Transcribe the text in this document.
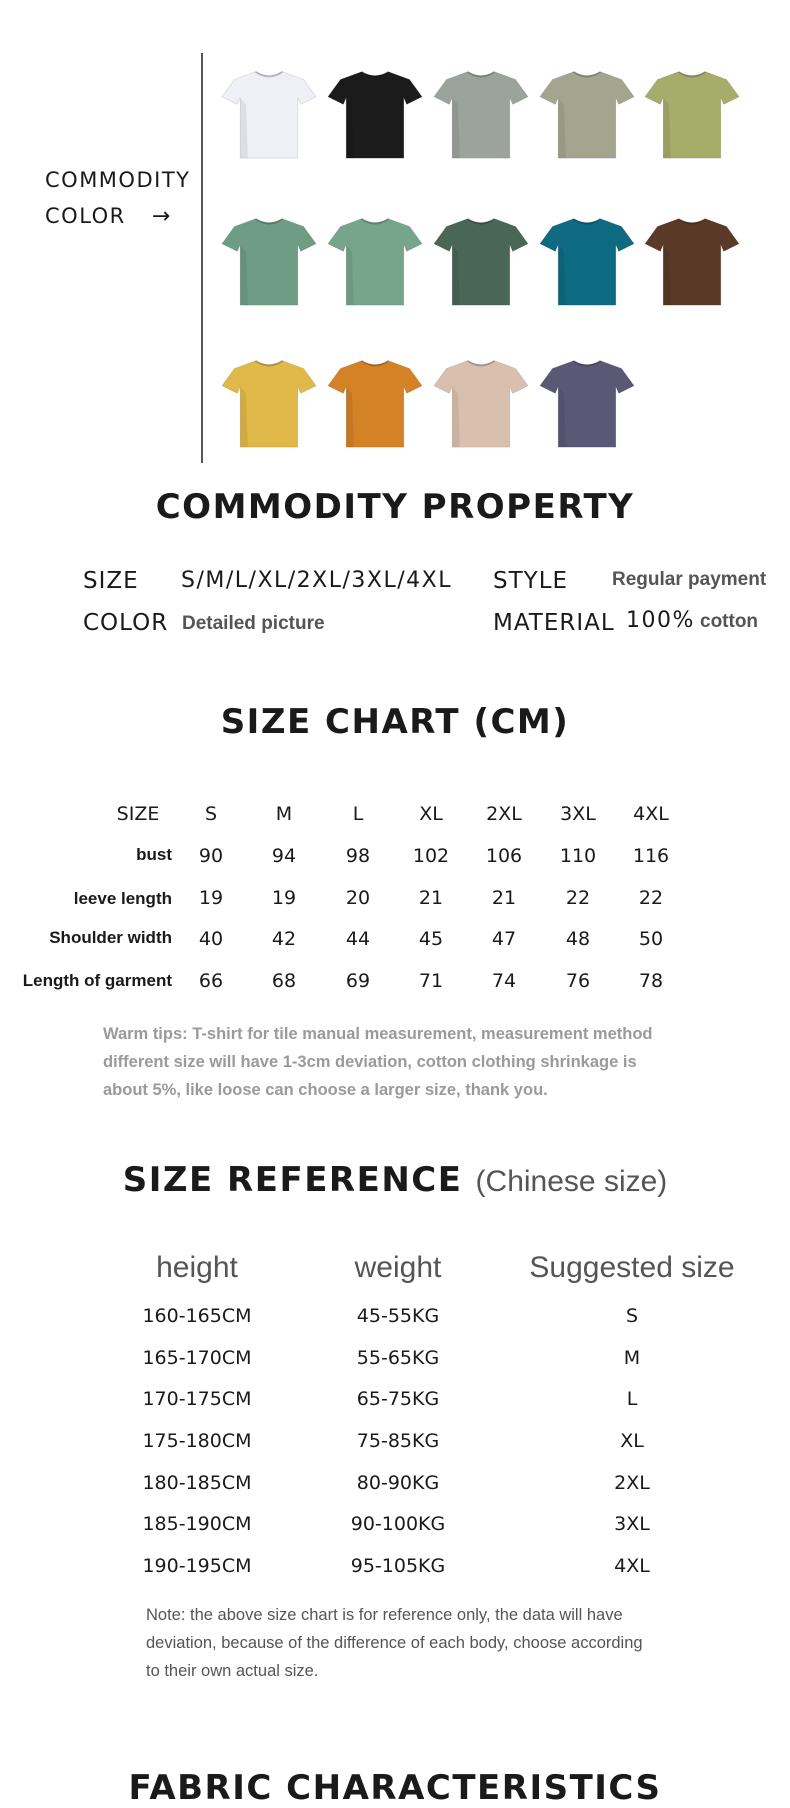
COMMODITY
COLOR →
COMMODITY PROPERTY
SIZE S/M/L/XL/2XL/3XL/4XL STYLE Regular payment
COLOR Detailed picture	MATERIAL 100% cotton
SIZE CHART (CM)
SIZE	S	M	L	XL	2XL	3XL	4XL
bust	90	94	98	102	106	110	116
leeve length	19	19	20	21	21	22	22
Shoulder width	40	42	44	45	47	48	50
Length of garment	66	68	69	71	74	76	78
Warm tips: T-shirt for tile manual measurement, measurement method
different size will have 1-3cm deviation, cotton clothing shrinkage is
about 5%, like loose can choose a larger size, thank you.
SIZE REFERENCE (Chinese size)
height	weight	Suggested size
160-165CM	45-55KG	S
165-170CM	55-65KG	M
170-175CM	65-75KG	L
175-180CM	75-85KG	XL
180-185CM	80-90KG	2XL
185-190CM	90-100KG	3XL
190-195CM	95-105KG	4XL
Note: the above size chart is for reference only, the data will have
deviation, because of the difference of each body, choose according
to their own actual size.
FABRIC CHARACTERISTICS
